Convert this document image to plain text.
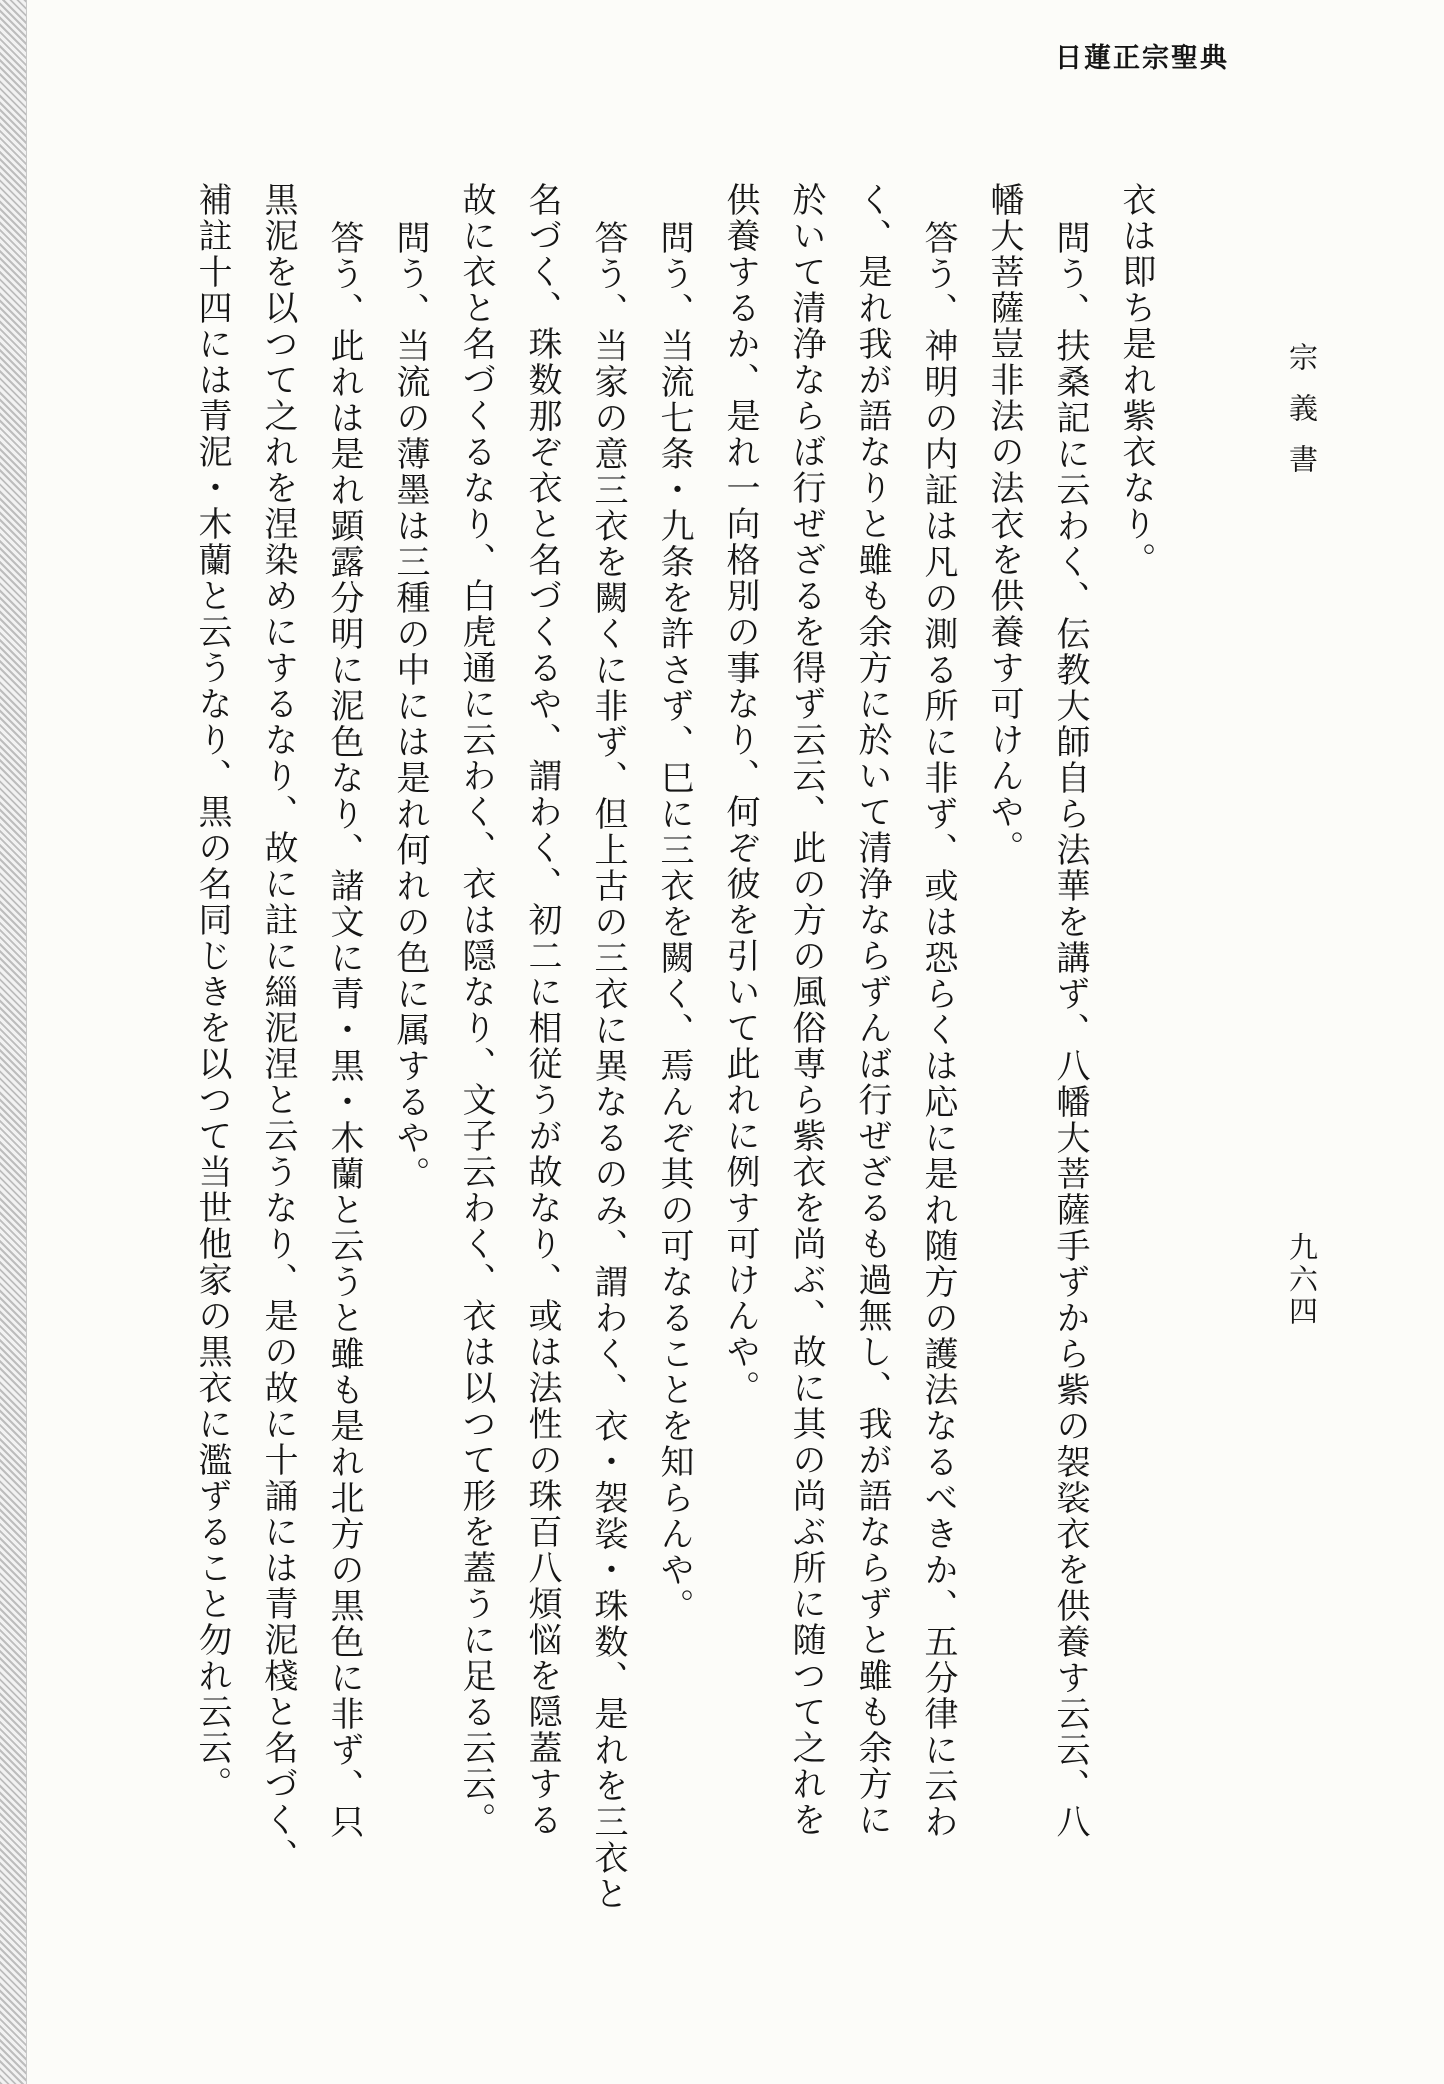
日蓮正宗聖典
宗義書
九六四
衣は即ち是れ紫衣なり。
問う、扶桑記に云わく、伝教大師自ら法華を講ず、八幡大菩薩手ずから紫の袈裟衣を供養す云云、八
幡大菩薩豈非法の法衣を供養す可けんや。
答う、神明の内証は凡の測る所に非ず、或は恐らくは応に是れ随方の護法なるべきか、五分律に云わ
く、是れ我が語なりと雖も余方に於いて清浄ならずんば行ぜざるも過無し、我が語ならずと雖も余方に
於いて清浄ならば行ぜざるを得ず云云、此の方の風俗専ら紫衣を尚ぶ、故に其の尚ぶ所に随つて之れを
供養するか、是れ一向格別の事なり、何ぞ彼を引いて此れに例す可けんや。
問う、当流七条・九条を許さず、巳に三衣を闕く、焉んぞ其の可なることを知らんや。
答う、当家の意三衣を闕くに非ず、但上古の三衣に異なるのみ、謂わく、衣・袈裟・珠数、是れを三衣と
名づく、珠数那ぞ衣と名づくるや、謂わく、初二に相従うが故なり、或は法性の珠百八煩悩を隠蓋する
故に衣と名づくるなり、白虎通に云わく、衣は隠なり、文子云わく、衣は以つて形を蓋うに足る云云。
問う、当流の薄墨は三種の中には是れ何れの色に属するや。
答う、此れは是れ顕露分明に泥色なり、諸文に青・黒・木蘭と云うと雖も是れ北方の黒色に非ず、只
黒泥を以つて之れを涅染めにするなり、故に註に緇泥涅と云うなり、是の故に十誦には青泥棧と名づく、
補註十四には青泥・木蘭と云うなり、黒の名同じきを以つて当世他家の黒衣に濫ずること勿れ云云。
